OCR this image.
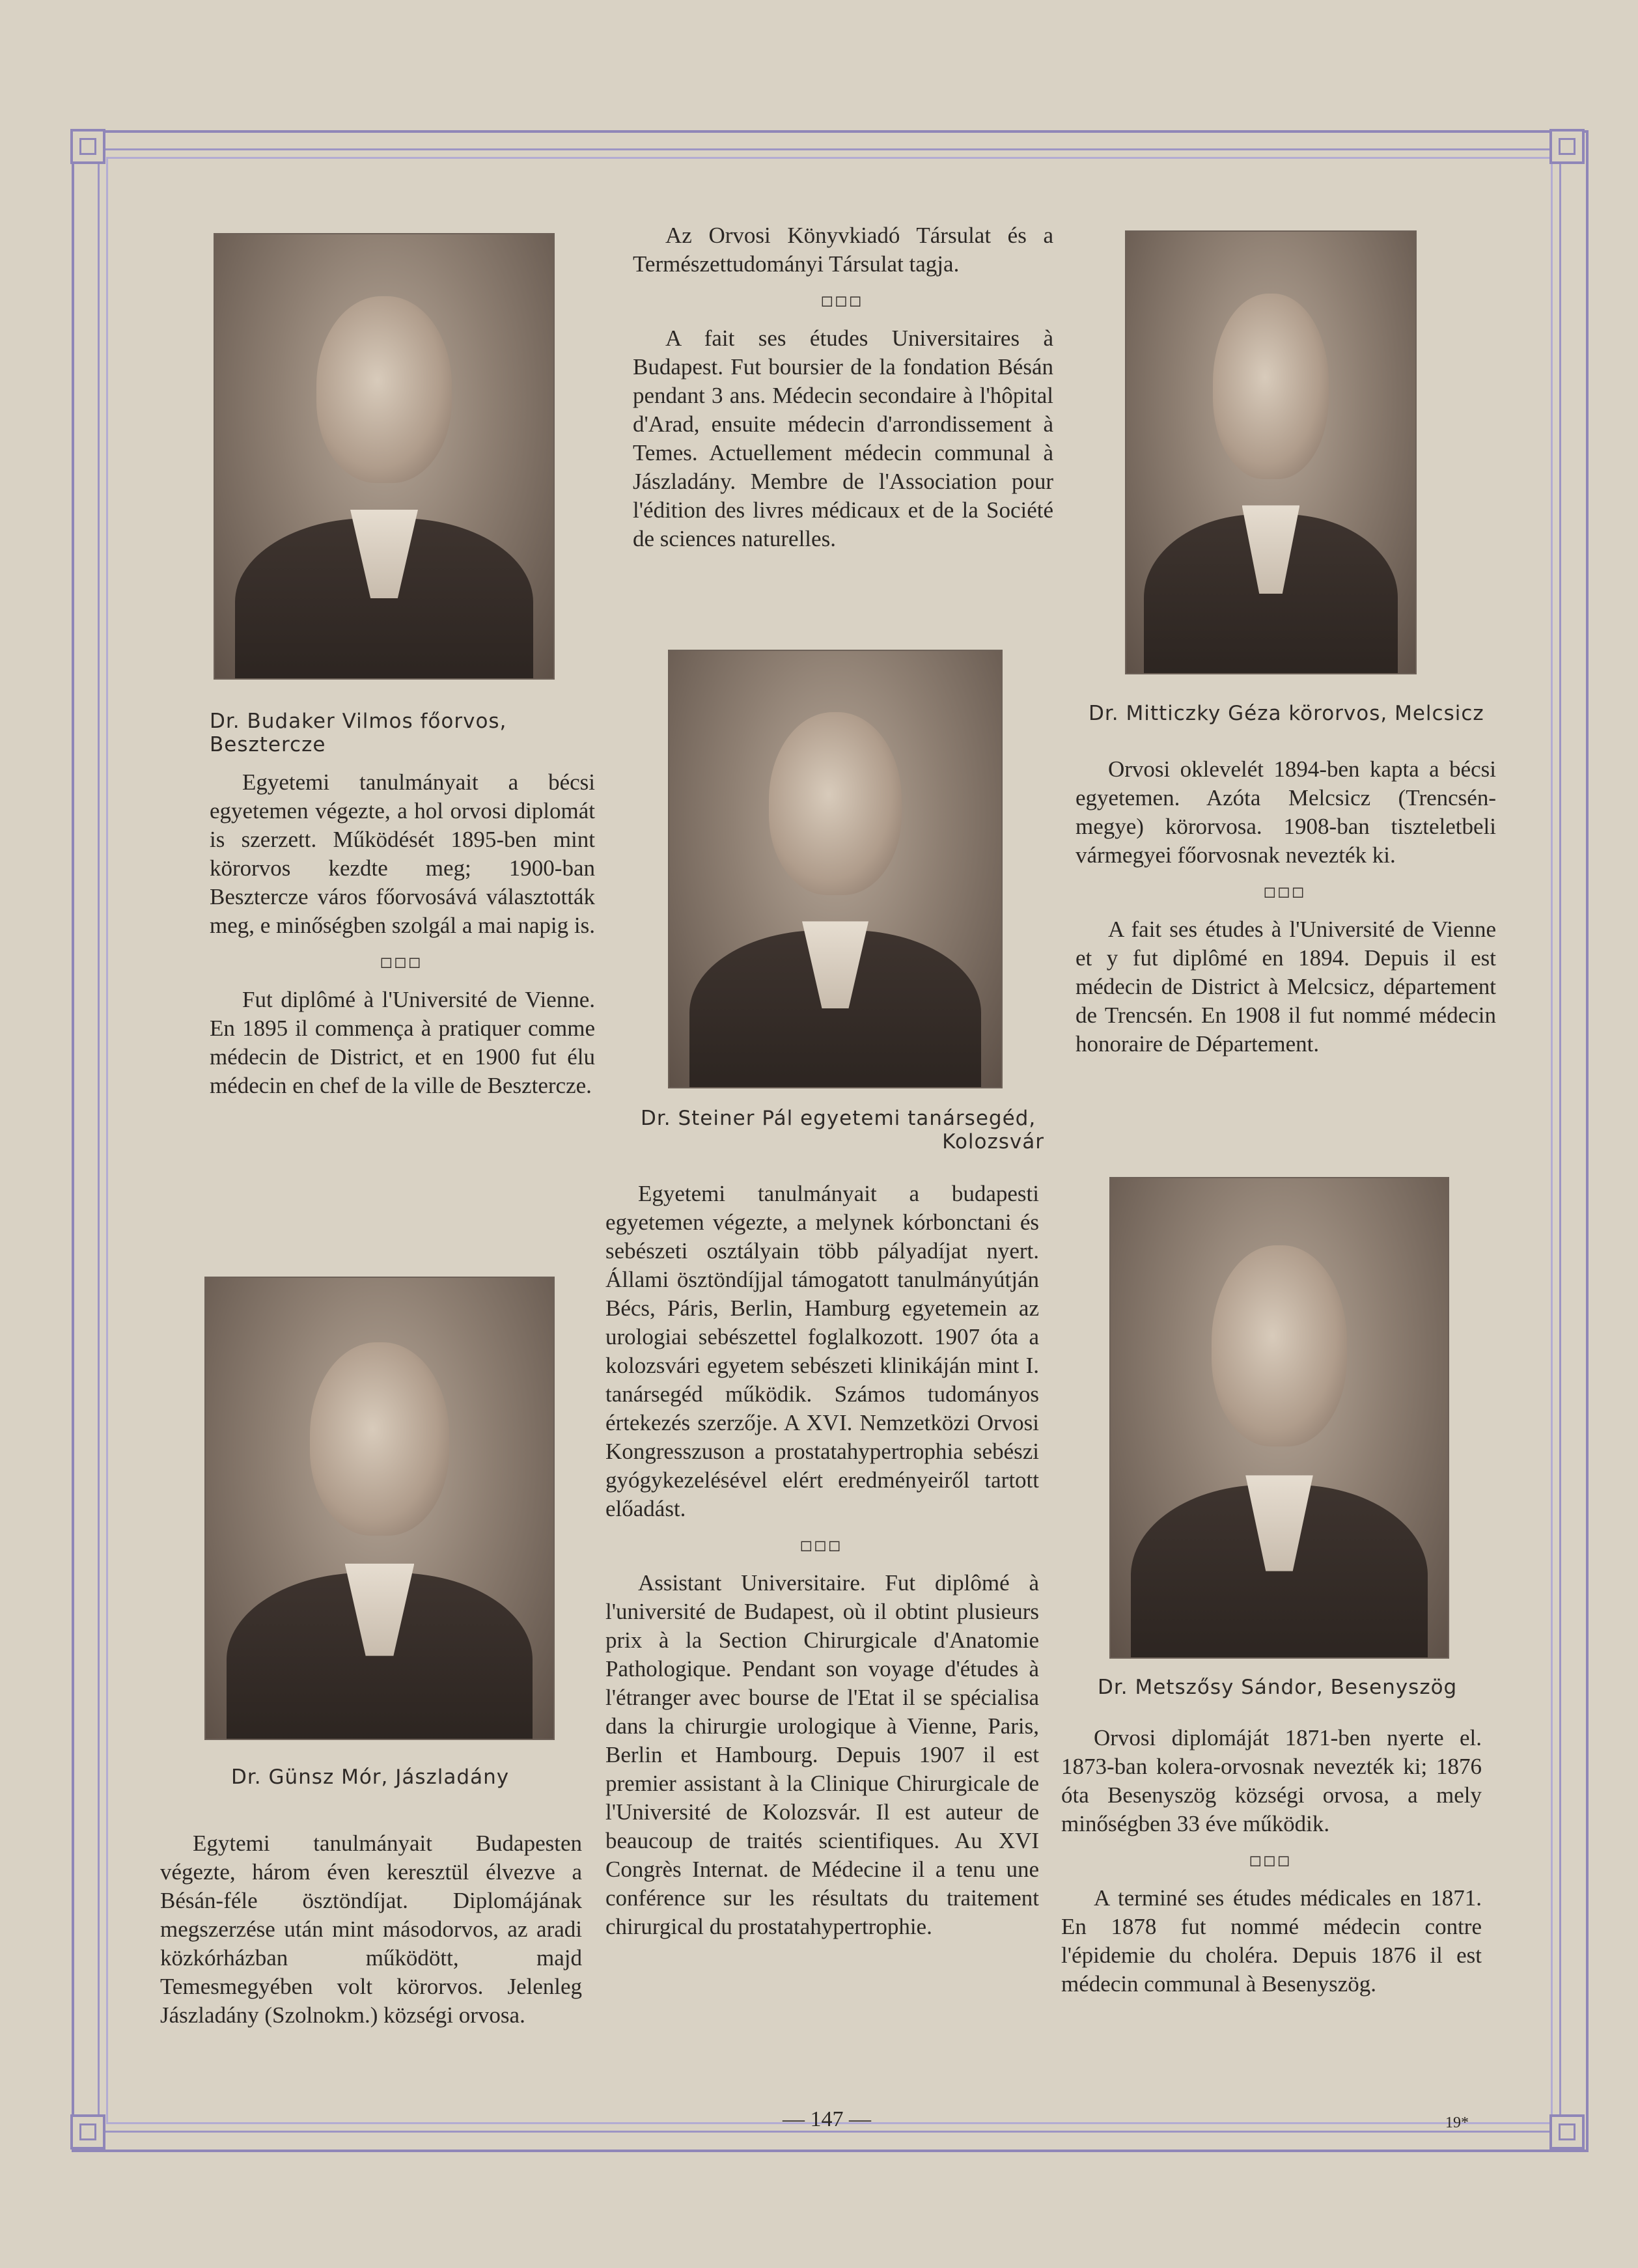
Dr. Budaker Vilmos főorvos, Besztercze

Egyetemi tanulmányait a bécsi egyetemen végezte, a hol orvosi diplomát is szerzett. Működését 1895-ben mint körorvos kezdte meg; 1900-ban Besztercze város főorvosává választották meg, e minőségben szolgál a mai napig is.

□□□

Fut diplômé à l'Université de Vienne. En 1895 il commença à pratiquer comme médecin de District, et en 1900 fut élu médecin en chef de la ville de Besztercze.

Dr. Günsz Mór, Jászladány

Egytemi tanulmányait Budapesten végezte, három éven keresztül élvezve a Bésán-féle ösztöndíjat. Diplomájának megszerzése után mint másodorvos, az aradi közkórházban működött, majd Temesmegyében volt körorvos. Jelenleg Jászladány (Szolnokm.) községi orvosa.

Az Orvosi Könyvkiadó Társulat és a Természettudományi Társulat tagja.

□□□

A fait ses études Universitaires à Budapest. Fut boursier de la fondation Bésán pendant 3 ans. Médecin secondaire à l'hôpital d'Arad, ensuite médecin d'arrondissement à Temes. Actuellement médecin communal à Jászladány. Membre de l'Association pour l'édition des livres médicaux et de la Société de sciences naturelles.

Dr. Steiner Pál egyetemi tanársegéd,
Kolozsvár

Egyetemi tanulmányait a budapesti egyetemen végezte, a melynek kórbonctani és sebészeti osztályain több pályadíjat nyert. Állami ösztöndíjjal támogatott tanulmányútján Bécs, Páris, Berlin, Hamburg egyetemein az urologiai sebészettel foglalkozott. 1907 óta a kolozsvári egyetem sebészeti klinikáján mint I. tanársegéd működik. Számos tudományos értekezés szerzője. A XVI. Nemzetközi Orvosi Kongresszuson a prostatahypertrophia sebészi gyógykezelésével elért eredményeiről tartott előadást.

□□□

Assistant Universitaire. Fut diplômé à l'université de Budapest, où il obtint plusieurs prix à la Section Chirurgicale d'Anatomie Pathologique. Pendant son voyage d'études à l'étranger avec bourse de l'Etat il se spécialisa dans la chirurgie urologique à Vienne, Paris, Berlin et Hambourg. Depuis 1907 il est premier assistant à la Clinique Chirurgicale de l'Université de Kolozsvár. Il est auteur de beaucoup de traités scientifiques. Au XVI Congrès Internat. de Médecine il a tenu une conférence sur les résultats du traitement chirurgical du prostatahypertrophie.

Dr. Mitticzky Géza körorvos, Melcsicz

Orvosi oklevelét 1894-ben kapta a bécsi egyetemen. Azóta Melcsicz (Trencsén-megye) körorvosa. 1908-ban tiszteletbeli vármegyei főorvosnak nevezték ki.

□□□

A fait ses études à l'Université de Vienne et y fut diplômé en 1894. Depuis il est médecin de District à Melcsicz, département de Trencsén. En 1908 il fut nommé médecin honoraire de Département.

Dr. Metszősy Sándor, Besenyszög

Orvosi diplomáját 1871-ben nyerte el. 1873-ban kolera-orvosnak nevezték ki; 1876 óta Besenyszög községi orvosa, a mely minőségben 33 éve működik.

□□□

A terminé ses études médicales en 1871. En 1878 fut nommé médecin contre l'épidemie du choléra. Depuis 1876 il est médecin communal à Besenyszög.

— 147 —	19*
